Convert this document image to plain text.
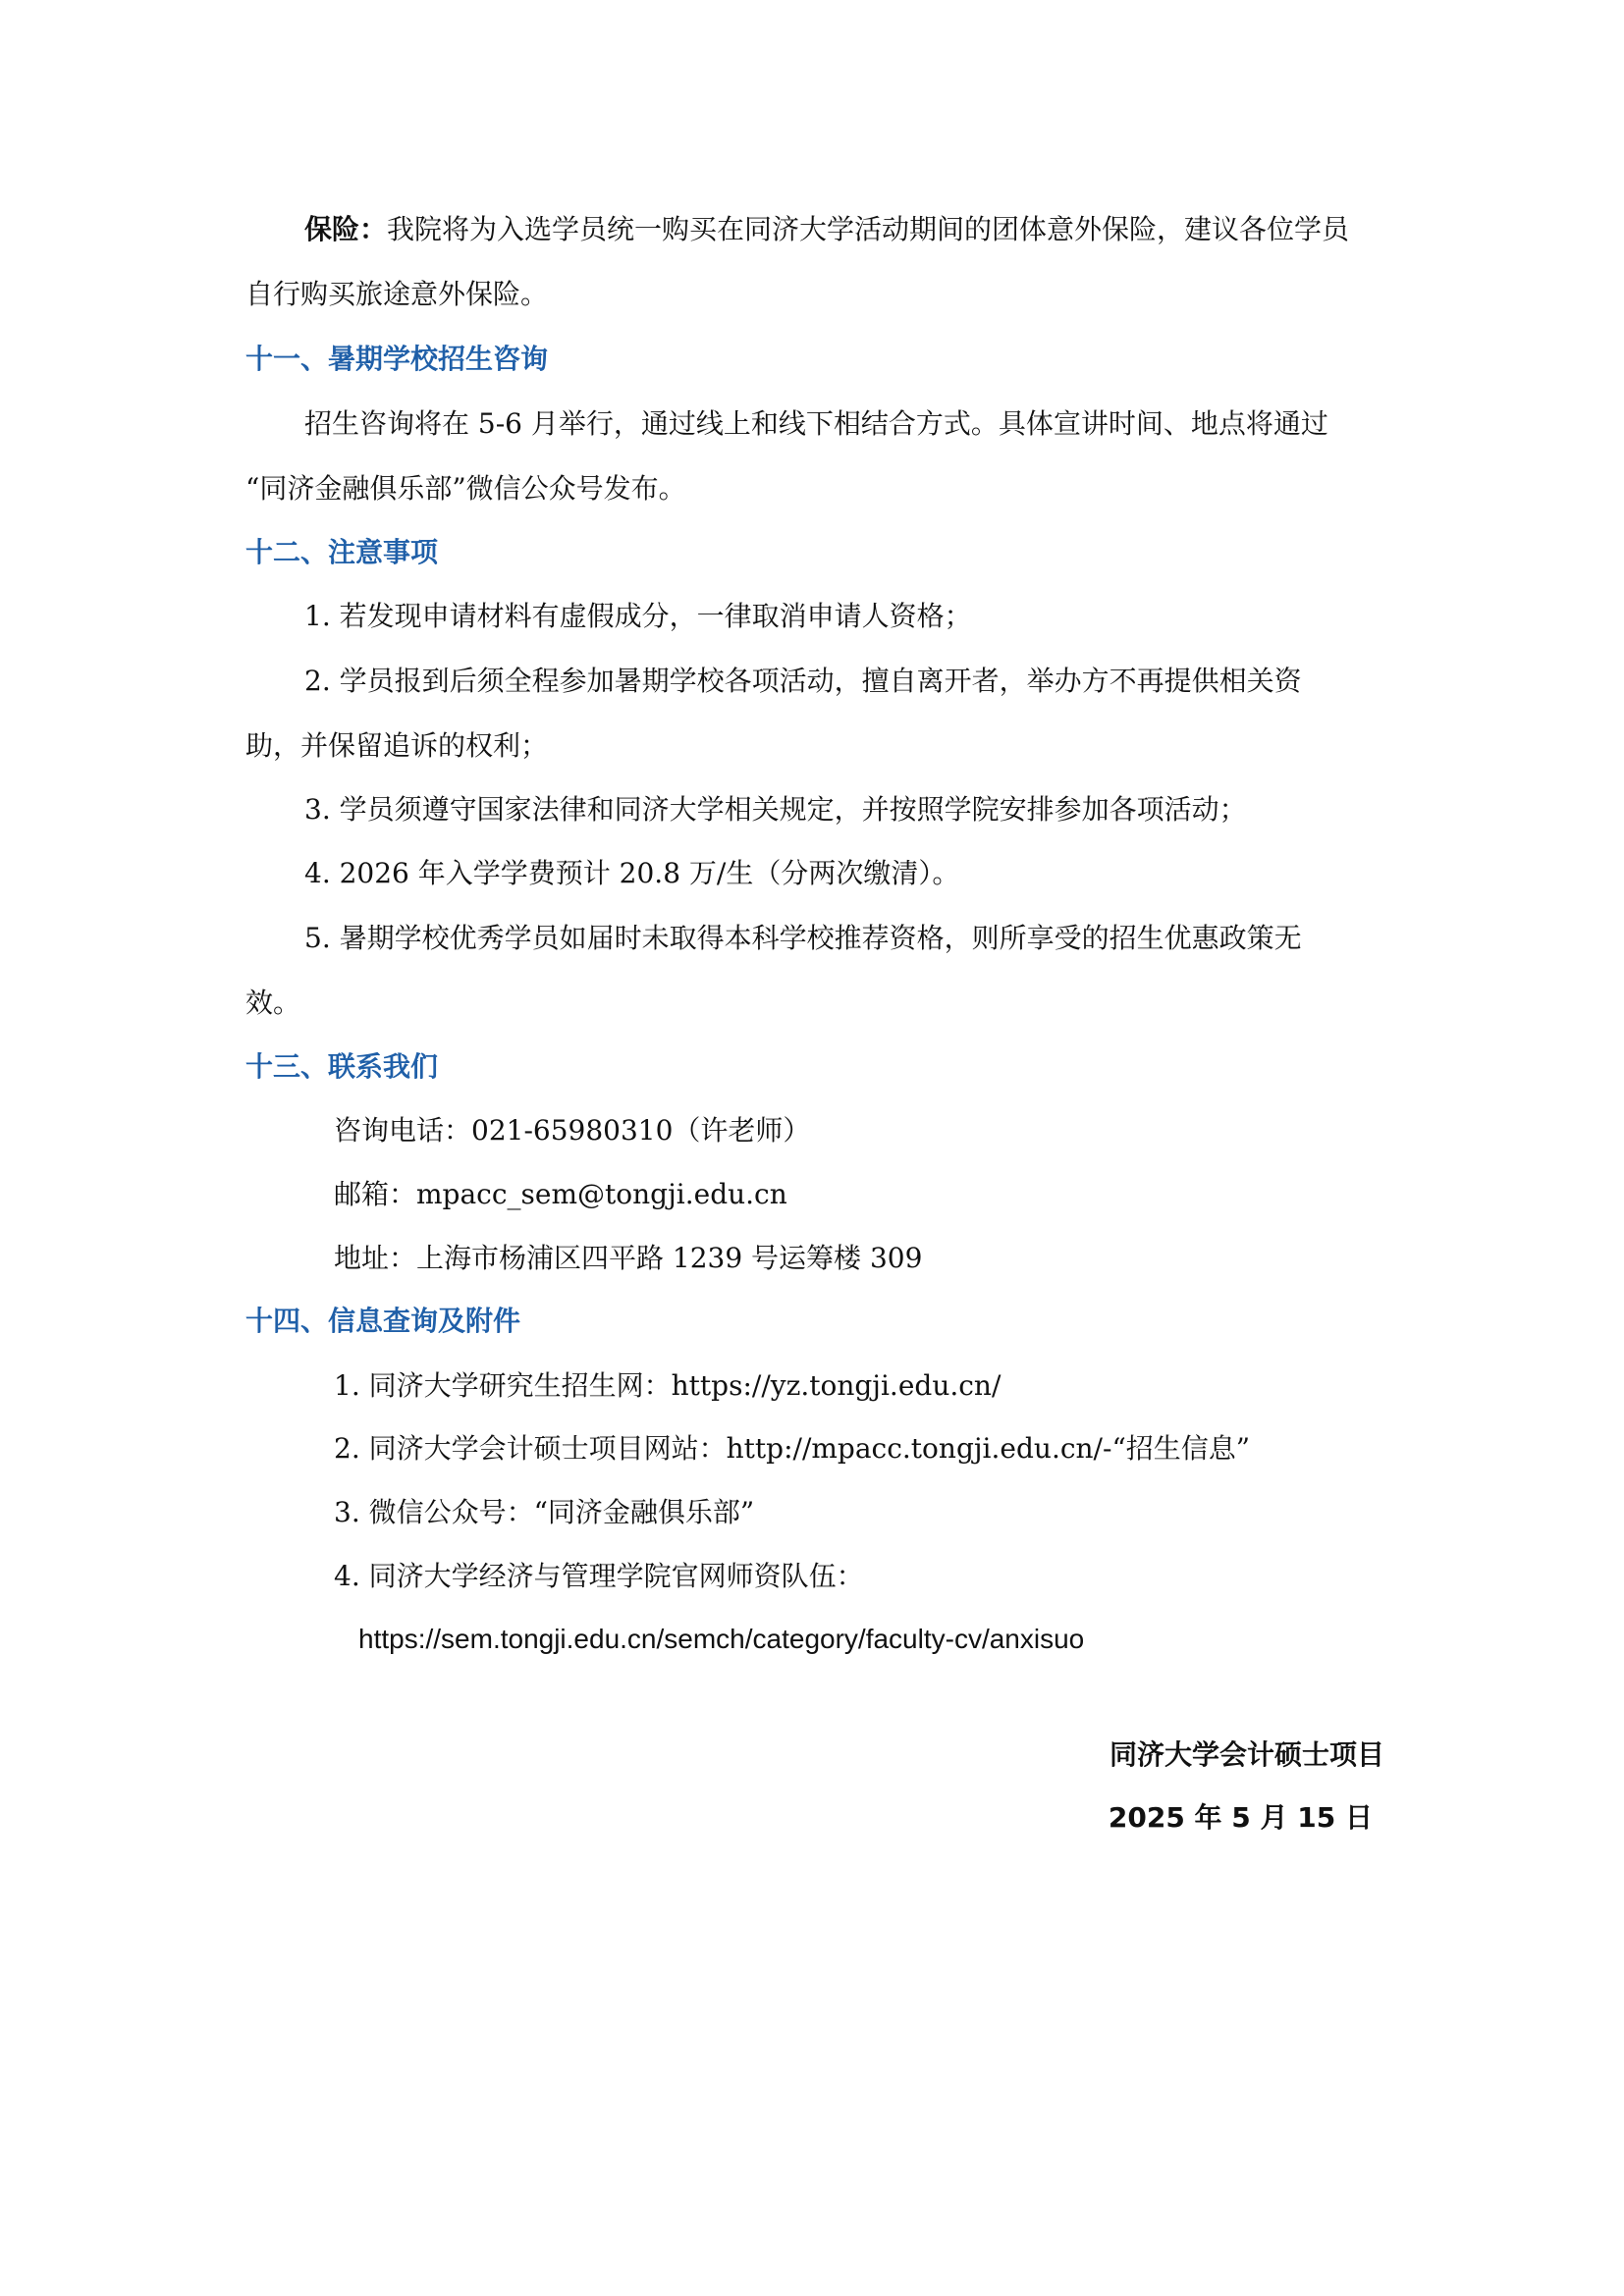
保险：我院将为入选学员统一购买在同济大学活动期间的团体意外保险，建议各位学员
自行购买旅途意外保险。
十一、暑期学校招生咨询
招生咨询将在 5-6 月举行，通过线上和线下相结合方式。具体宣讲时间、地点将通过
“同济金融俱乐部”微信公众号发布。
十二、注意事项
1. 若发现申请材料有虚假成分，一律取消申请人资格；
2. 学员报到后须全程参加暑期学校各项活动，擅自离开者，举办方不再提供相关资
助，并保留追诉的权利；
3. 学员须遵守国家法律和同济大学相关规定，并按照学院安排参加各项活动；
4. 2026 年入学学费预计 20.8 万/生（分两次缴清）。
5. 暑期学校优秀学员如届时未取得本科学校推荐资格，则所享受的招生优惠政策无
效。
十三、联系我们
咨询电话：021-65980310（许老师）
邮箱：mpacc_sem@tongji.edu.cn
地址：上海市杨浦区四平路 1239 号运筹楼 309
十四、信息查询及附件
1. 同济大学研究生招生网：https://yz.tongji.edu.cn/
2. 同济大学会计硕士项目网站：http://mpacc.tongji.edu.cn/-“招生信息”
3. 微信公众号：“同济金融俱乐部”
4. 同济大学经济与管理学院官网师资队伍：
https://sem.tongji.edu.cn/semch/category/faculty-cv/anxisuo
同济大学会计硕士项目
2025 年 5 月 15 日
